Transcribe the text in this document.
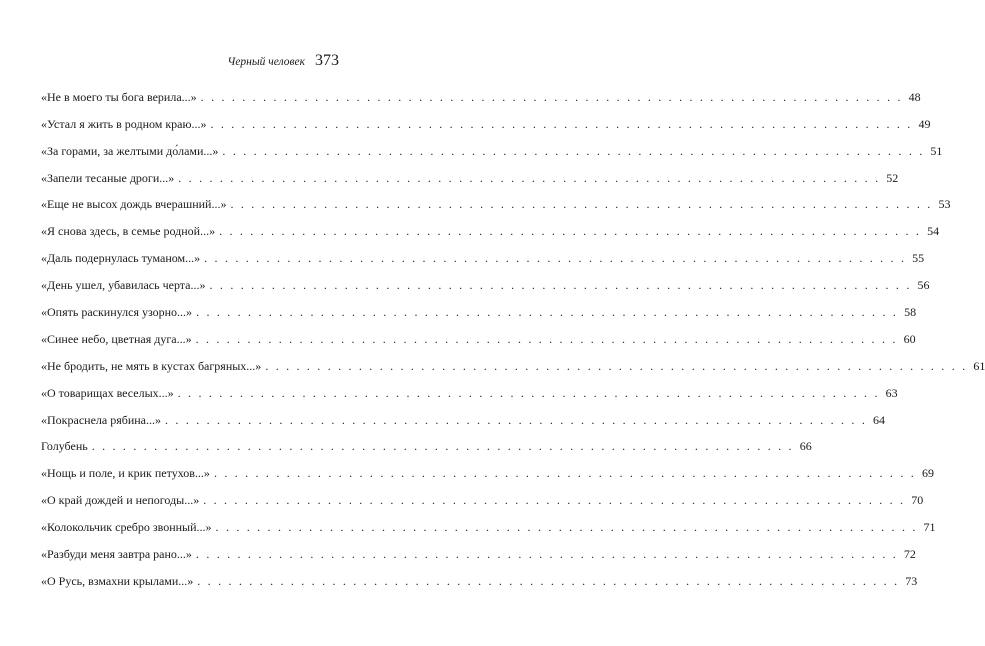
Черный человек 373
«Не в моего ты бога верила...» . . . . . . . . . . . . . . . . . . . . . . . . . . . . . . . . . . . . . . . . . . . . . . . . . . . . . . . . . . . . . . . . . . . . 48
«Устал я жить в родном краю...» . . . . . . . . . . . . . . . . . . . . . . . . . . . . . . . . . . . . . . . . . . . . . . . . . . . . . . . . . . . . . . . . . . . . 49
«За горами, за желтыми до́лами...» . . . . . . . . . . . . . . . . . . . . . . . . . . . . . . . . . . . . . . . . . . . . . . . . . . . . . . . . . . . . . . . . . . . . 51
«Запели тесаные дроги...» . . . . . . . . . . . . . . . . . . . . . . . . . . . . . . . . . . . . . . . . . . . . . . . . . . . . . . . . . . . . . . . . . . . . 52
«Еще не высох дождь вчерашний...» . . . . . . . . . . . . . . . . . . . . . . . . . . . . . . . . . . . . . . . . . . . . . . . . . . . . . . . . . . . . . . . . . . . . 53
«Я снова здесь, в семье родной...» . . . . . . . . . . . . . . . . . . . . . . . . . . . . . . . . . . . . . . . . . . . . . . . . . . . . . . . . . . . . . . . . . . . . 54
«Даль подернулась туманом...» . . . . . . . . . . . . . . . . . . . . . . . . . . . . . . . . . . . . . . . . . . . . . . . . . . . . . . . . . . . . . . . . . . . . 55
«День ушел, убавилась черта...» . . . . . . . . . . . . . . . . . . . . . . . . . . . . . . . . . . . . . . . . . . . . . . . . . . . . . . . . . . . . . . . . . . . . 56
«Опять раскинулся узорно...» . . . . . . . . . . . . . . . . . . . . . . . . . . . . . . . . . . . . . . . . . . . . . . . . . . . . . . . . . . . . . . . . . . . . 58
«Синее небо, цветная дуга...» . . . . . . . . . . . . . . . . . . . . . . . . . . . . . . . . . . . . . . . . . . . . . . . . . . . . . . . . . . . . . . . . . . . . 60
«Не бродить, не мять в кустах багряных...» . . . . . . . . . . . . . . . . . . . . . . . . . . . . . . . . . . . . . . . . . . . . . . . . . . . . . . . . . . . . . . . . . . . . 61
«О товарищах веселых...» . . . . . . . . . . . . . . . . . . . . . . . . . . . . . . . . . . . . . . . . . . . . . . . . . . . . . . . . . . . . . . . . . . . . 63
«Покраснела рябина...» . . . . . . . . . . . . . . . . . . . . . . . . . . . . . . . . . . . . . . . . . . . . . . . . . . . . . . . . . . . . . . . . . . . . 64
Голубень . . . . . . . . . . . . . . . . . . . . . . . . . . . . . . . . . . . . . . . . . . . . . . . . . . . . . . . . . . . . . . . . . . . . 66
«Нощь и поле, и крик петухов...» . . . . . . . . . . . . . . . . . . . . . . . . . . . . . . . . . . . . . . . . . . . . . . . . . . . . . . . . . . . . . . . . . . . . 69
«О край дождей и непогоды...» . . . . . . . . . . . . . . . . . . . . . . . . . . . . . . . . . . . . . . . . . . . . . . . . . . . . . . . . . . . . . . . . . . . . 70
«Колокольчик сребро звонный...» . . . . . . . . . . . . . . . . . . . . . . . . . . . . . . . . . . . . . . . . . . . . . . . . . . . . . . . . . . . . . . . . . . . . 71
«Разбуди меня завтра рано...» . . . . . . . . . . . . . . . . . . . . . . . . . . . . . . . . . . . . . . . . . . . . . . . . . . . . . . . . . . . . . . . . . . . . 72
«О Русь, взмахни крылами...» . . . . . . . . . . . . . . . . . . . . . . . . . . . . . . . . . . . . . . . . . . . . . . . . . . . . . . . . . . . . . . . . . . . . 73
